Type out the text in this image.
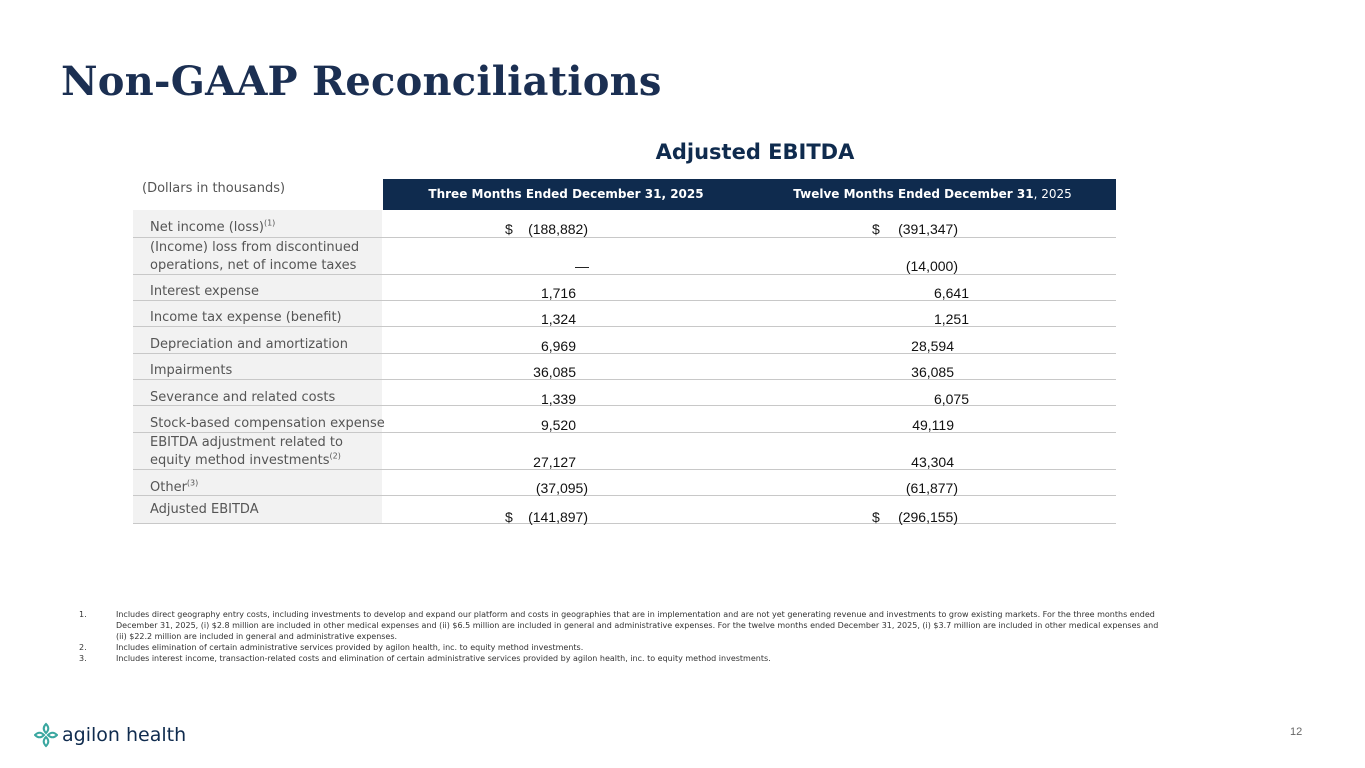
Non-GAAP Reconciliations
Adjusted EBITDA
(Dollars in thousands)	Three Months Ended December 31, 2025	Twelve Months Ended December 31, 2025
Net income (loss)$^{(1)}$	$ (188,882)	$ (391,347)
(Income) loss from discontinued operations, net of income taxes	—	(14,000)
Interest expense	1,716	6,641
Income tax expense (benefit)	1,324	1,251
Depreciation and amortization	6,969	28,594
Impairments	36,085	36,085
Severance and related costs	1,339	6,075
Stock-based compensation expense	9,520	49,119
EBITDA adjustment related to equity method investments$^{(2)}$	27,127	43,304
Other$^{(3)}$	(37,095)	(61,877)
Adjusted EBITDA	$ (141,897)	$ (296,155)

1.	Includes direct geography entry costs, including investments to develop and expand our platform and costs in geographies that are in implementation and are not yet generating revenue and investments to grow existing markets. For the three months ended December 31, 2025, (i) $2.8 million are included in other medical expenses and (ii) $6.5 million are included in general and administrative expenses. For the twelve months ended December 31, 2025, (i) $3.7 million are included in other medical expenses and (ii) $22.2 million are included in general and administrative expenses.

2.	Includes elimination of certain administrative services provided by agilon health, inc. to equity method investments.

3.	Includes interest income, transaction-related costs and elimination of certain administrative services provided by agilon health, inc. to equity method investments.

agilon health	12
